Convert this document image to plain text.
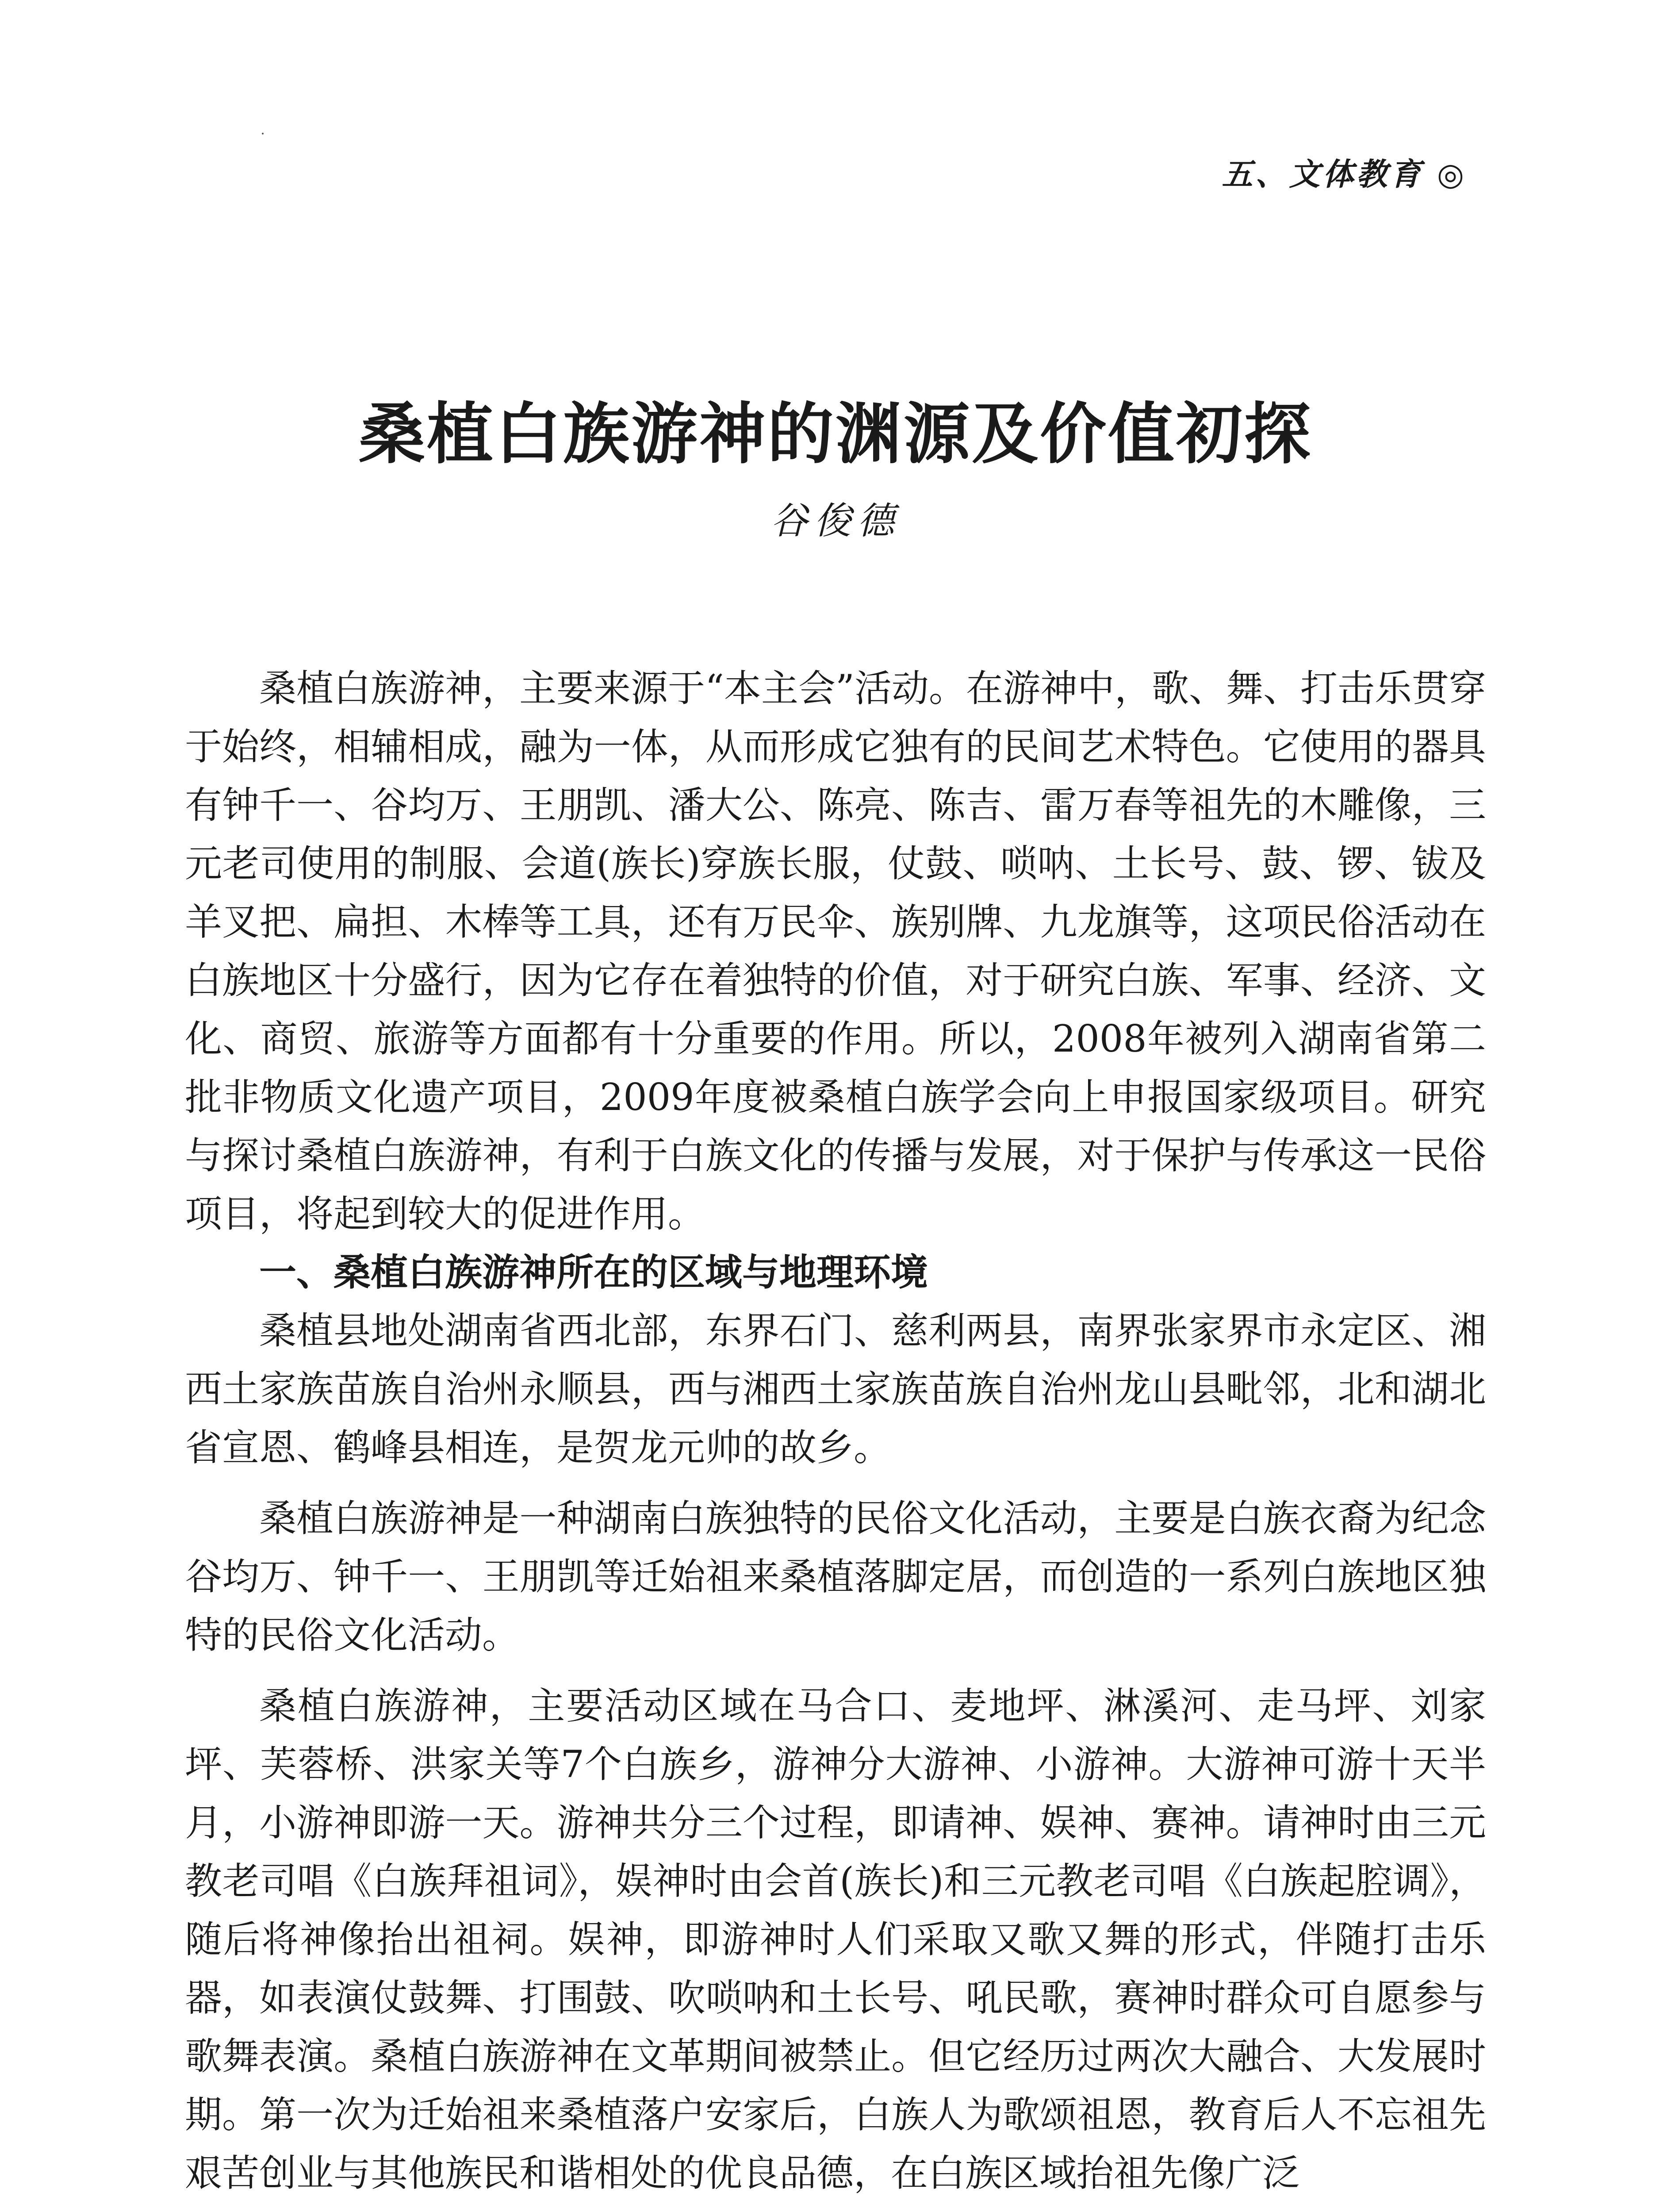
五、文体教育 ◎
桑植白族游神的渊源及价值初探
谷俊德

桑植白族游神，主要来源于“本主会”活动。在游神中，歌、舞、打击乐贯穿于始终，相辅相成，融为一体，从而形成它独有的民间艺术特色。它使用的器具有钟千一、谷均万、王朋凯、潘大公、陈亮、陈吉、雷万春等祖先的木雕像，三元老司使用的制服、会道(族长)穿族长服，仗鼓、唢呐、土长号、鼓、锣、钹及羊叉把、扁担、木棒等工具，还有万民伞、族别牌、九龙旗等，这项民俗活动在白族地区十分盛行，因为它存在着独特的价值，对于研究白族、军事、经济、文化、商贸、旅游等方面都有十分重要的作用。所以，2008年被列入湖南省第二批非物质文化遗产项目，2009年度被桑植白族学会向上申报国家级项目。研究与探讨桑植白族游神，有利于白族文化的传播与发展，对于保护与传承这一民俗项目，将起到较大的促进作用。

一、桑植白族游神所在的区域与地理环境

桑植县地处湖南省西北部，东界石门、慈利两县，南界张家界市永定区、湘西土家族苗族自治州永顺县，西与湘西土家族苗族自治州龙山县毗邻，北和湖北省宣恩、鹤峰县相连，是贺龙元帅的故乡。

桑植白族游神是一种湖南白族独特的民俗文化活动，主要是白族衣裔为纪念谷均万、钟千一、王朋凯等迁始祖来桑植落脚定居，而创造的一系列白族地区独特的民俗文化活动。

桑植白族游神，主要活动区域在马合口、麦地坪、淋溪河、走马坪、刘家坪、芙蓉桥、洪家关等7个白族乡，游神分大游神、小游神。大游神可游十天半月，小游神即游一天。游神共分三个过程，即请神、娱神、赛神。请神时由三元教老司唱《白族拜祖词》，娱神时由会首(族长)和三元教老司唱《白族起腔调》，随后将神像抬出祖祠。娱神，即游神时人们采取又歌又舞的形式，伴随打击乐器，如表演仗鼓舞、打围鼓、吹唢呐和土长号、吼民歌，赛神时群众可自愿参与歌舞表演。桑植白族游神在文革期间被禁止。但它经历过两次大融合、大发展时期。第一次为迁始祖来桑植落户安家后，白族人为歌颂祖恩，教育后人不忘祖先艰苦创业与其他族民和谐相处的优良品德，在白族区域抬祖先像广泛
